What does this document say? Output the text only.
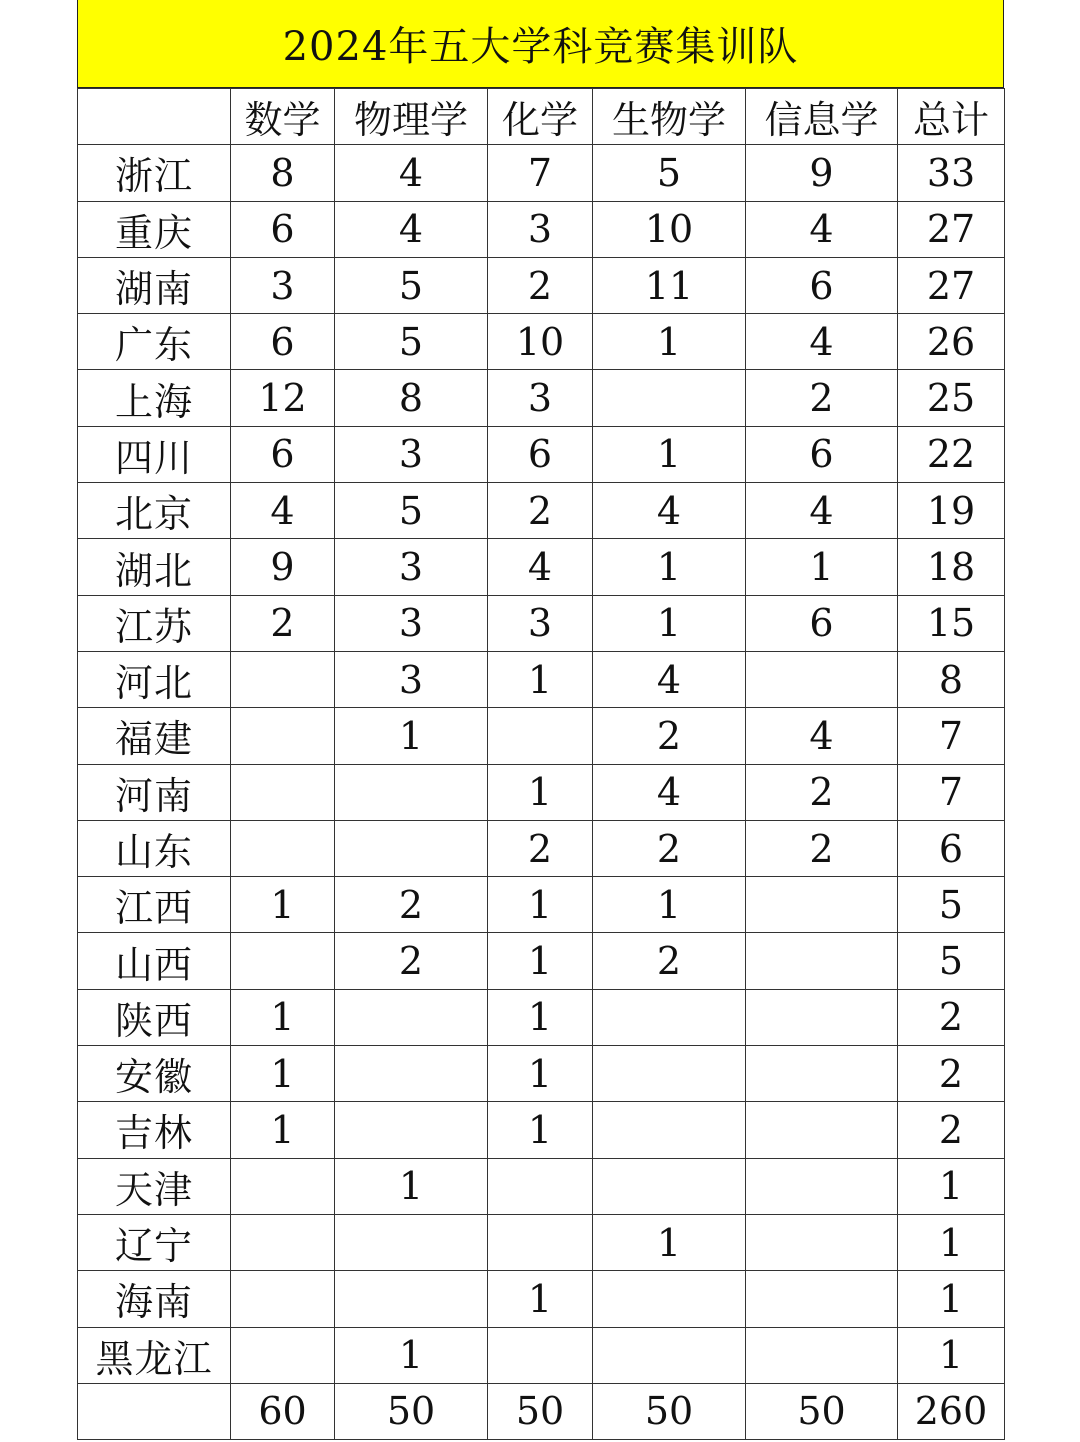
2024年五大学科竞赛集训队
	数学	物理学	化学	生物学	信息学	总计
浙江	8	4	7	5	9	33
重庆	6	4	3	10	4	27
湖南	3	5	2	11	6	27
广东	6	5	10	1	4	26
上海	12	8	3		2	25
四川	6	3	6	1	6	22
北京	4	5	2	4	4	19
湖北	9	3	4	1	1	18
江苏	2	3	3	1	6	15
河北		3	1	4		8
福建		1		2	4	7
河南			1	4	2	7
山东			2	2	2	6
江西	1	2	1	1		5
山西		2	1	2		5
陕西	1		1			2
安徽	1		1			2
吉林	1		1			2
天津		1				1
辽宁				1		1
海南			1			1
黑龙江		1				1
	60	50	50	50	50	260
